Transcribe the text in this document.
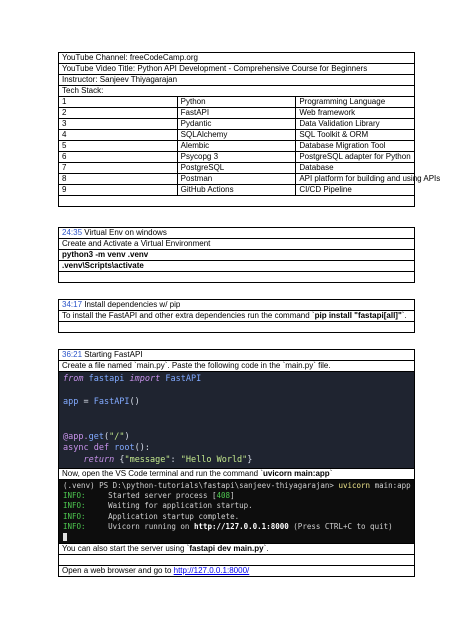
YouTube Channel: freeCodeCamp.org		
YouTube Video Title: Python API Development - Comprehensive Course for Beginners		
Instructor: Sanjeev Thiyagarajan		
Tech Stack:		
1	Python	Programming Language
2	FastAPI	Web framework
3	Pydantic	Data Validation Library
4	SQLAlchemy	SQL Toolkit & ORM
5	Alembic	Database Migration Tool
6	Psycopg 3	PostgreSQL adapter for Python
7	PostgreSQL	Database
8	Postman	API platform for building and using APIs
9	GitHub Actions	CI/CD Pipeline

24:35 Virtual Env on windows
Create and Activate a Virtual Environment
python3 -m venv .venv
.venv\Scripts\activate

34:17 Install dependencies w/ pip
To install the FastAPI and other extra dependencies run the command `pip install "fastapi[all]"`.

36:21 Starting FastAPI
Create a file named `main.py`. Paste the following code in the `main.py` file.

from fastapi import FastAPI
app = FastAPI()
@app.get("/")
async def root():
return {"message": "Hello World"}

Now, open the VS Code terminal and run the command `uvicorn main:app`

(.venv) PS D:\python-tutorials\fastapi\sanjeev-thiyagarajan> uvicorn main:app
INFO:     Started server process [408]
INFO:     Waiting for application startup.
INFO:     Application startup complete.
INFO:     Uvicorn running on http://127.0.0.1:8000 (Press CTRL+C to quit)

You can also start the server using `fastapi dev main.py`.

Open a web browser and go to http://127.0.0.1:8000/
